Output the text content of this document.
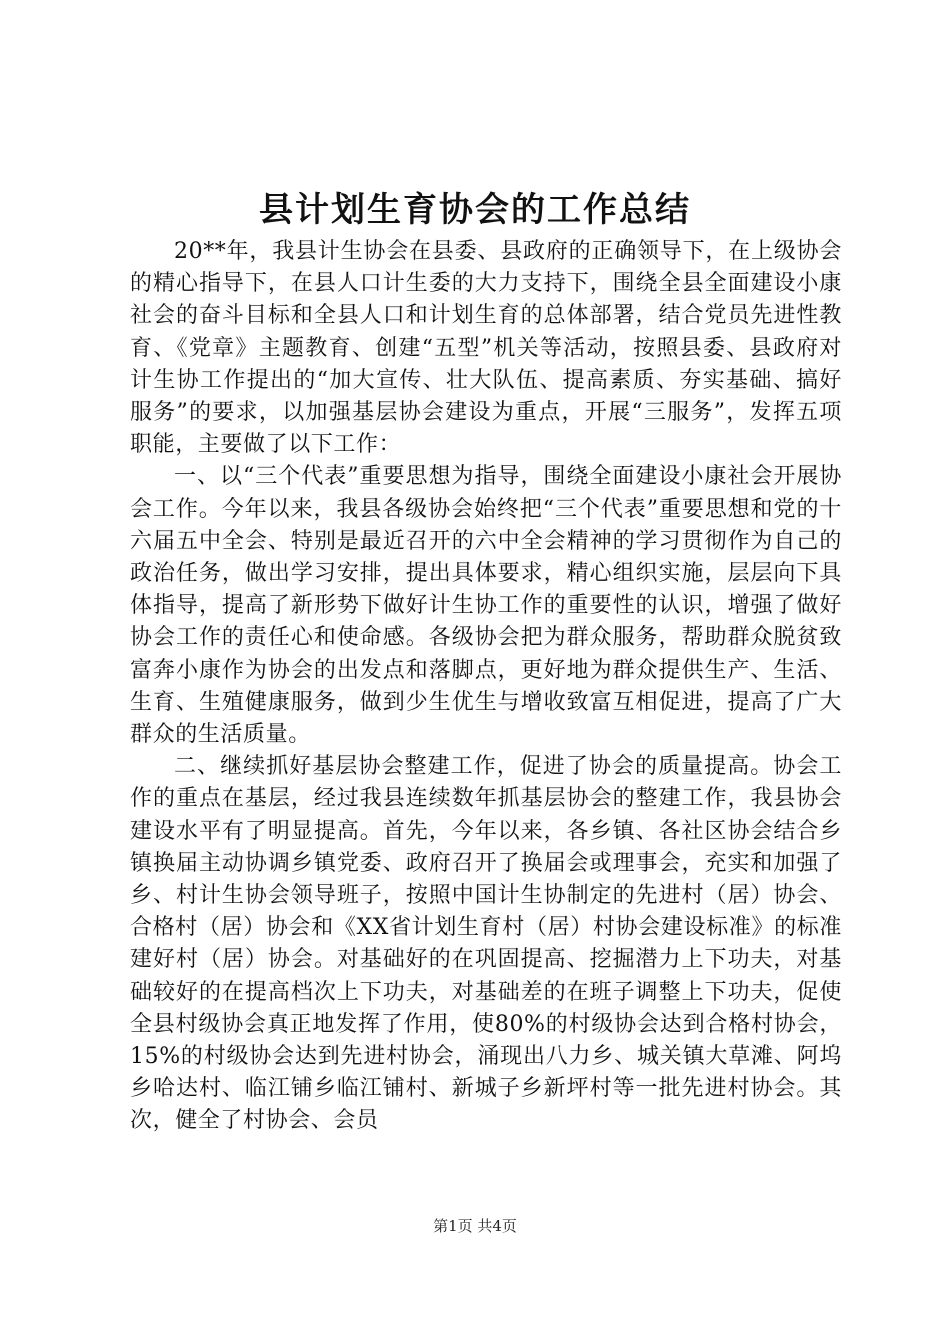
县计划生育协会的工作总结

20**年，我县计生协会在县委、县政府的正确领导下，在上级协会的精心指导下，在县人口计生委的大力支持下，围绕全县全面建设小康社会的奋斗目标和全县人口和计划生育的总体部署，结合党员先进性教育、《党章》主题教育、创建“五型”机关等活动，按照县委、县政府对计生协工作提出的“加大宣传、壮大队伍、提高素质、夯实基础、搞好服务”的要求，以加强基层协会建设为重点，开展“三服务”，发挥五项职能，主要做了以下工作：

一、以“三个代表”重要思想为指导，围绕全面建设小康社会开展协会工作。今年以来，我县各级协会始终把“三个代表”重要思想和党的十六届五中全会、特别是最近召开的六中全会精神的学习贯彻作为自己的政治任务，做出学习安排，提出具体要求，精心组织实施，层层向下具体指导，提高了新形势下做好计生协工作的重要性的认识，增强了做好协会工作的责任心和使命感。各级协会把为群众服务，帮助群众脱贫致富奔小康作为协会的出发点和落脚点，更好地为群众提供生产、生活、生育、生殖健康服务，做到少生优生与增收致富互相促进，提高了广大群众的生活质量。

二、继续抓好基层协会整建工作，促进了协会的质量提高。协会工作的重点在基层，经过我县连续数年抓基层协会的整建工作，我县协会建设水平有了明显提高。首先，今年以来，各乡镇、各社区协会结合乡镇换届主动协调乡镇党委、政府召开了换届会或理事会，充实和加强了乡、村计生协会领导班子，按照中国计生协制定的先进村（居）协会、合格村（居）协会和《XX省计划生育村（居）村协会建设标准》的标准建好村（居）协会。对基础好的在巩固提高、挖掘潜力上下功夫，对基础较好的在提高档次上下功夫，对基础差的在班子调整上下功夫，促使全县村级协会真正地发挥了作用，使80%的村级协会达到合格村协会，15%的村级协会达到先进村协会，涌现出八力乡、城关镇大草滩、阿坞乡哈达村、临江铺乡临江铺村、新城子乡新坪村等一批先进村协会。其次，健全了村协会、会员

第1页 共4页
